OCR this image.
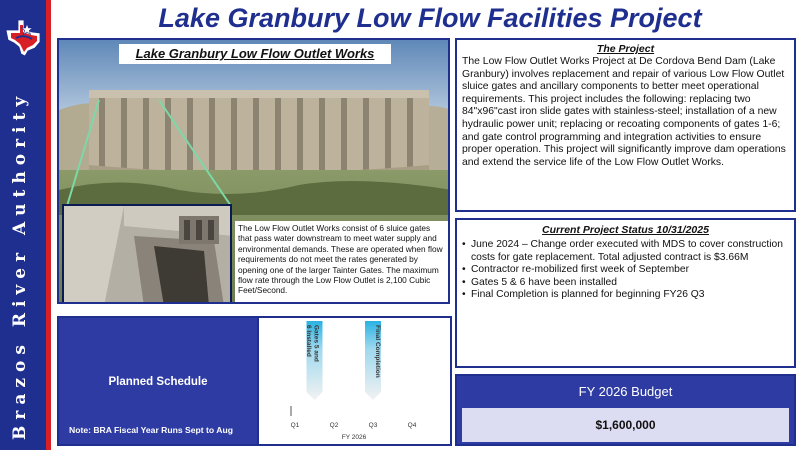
Brazos River Authority
Lake Granbury Low Flow Facilities Project
Lake Granbury Low Flow Outlet Works
The Low Flow Outlet Works consist of 6 sluice gates that pass water downstream to meet water supply and environmental demands. These are operated when flow requirements do not meet the rates generated by opening one of the larger Tainter Gates. The maximum flow rate through the Low Flow Outlet is 2,100 Cubic Feet/Second.
The Project
The Low Flow Outlet Works Project at De Cordova Bend Dam (Lake Granbury) involves replacement and repair of various Low Flow Outlet sluice gates and ancillary components to better meet operational requirements. This project includes the following: replacing two 84"x96"cast iron slide gates with stainless-steel; installation of a new hydraulic power unit; replacing or recoating components of gates 1-6; and gate control programming and integration activities to ensure proper operation. This project will significantly improve dam operations and extend the service life of the Low Flow Outlet Works.
Current Project Status 10/31/2025
• June 2024 – Change order executed with MDS to cover construction costs for gate replacement. Total adjusted contract is $3.66M
• Contractor re-mobilized first week of September
• Gates 5 & 6 have been installed
• Final Completion is planned for beginning FY26 Q3
Planned Schedule
Note: BRA Fiscal Year Runs Sept to Aug	Q1	Q2	Q3	Q4
Gates 5 and6 Installed	Final Completion
FY 2026
FY 2026 Budget
$1,600,000
